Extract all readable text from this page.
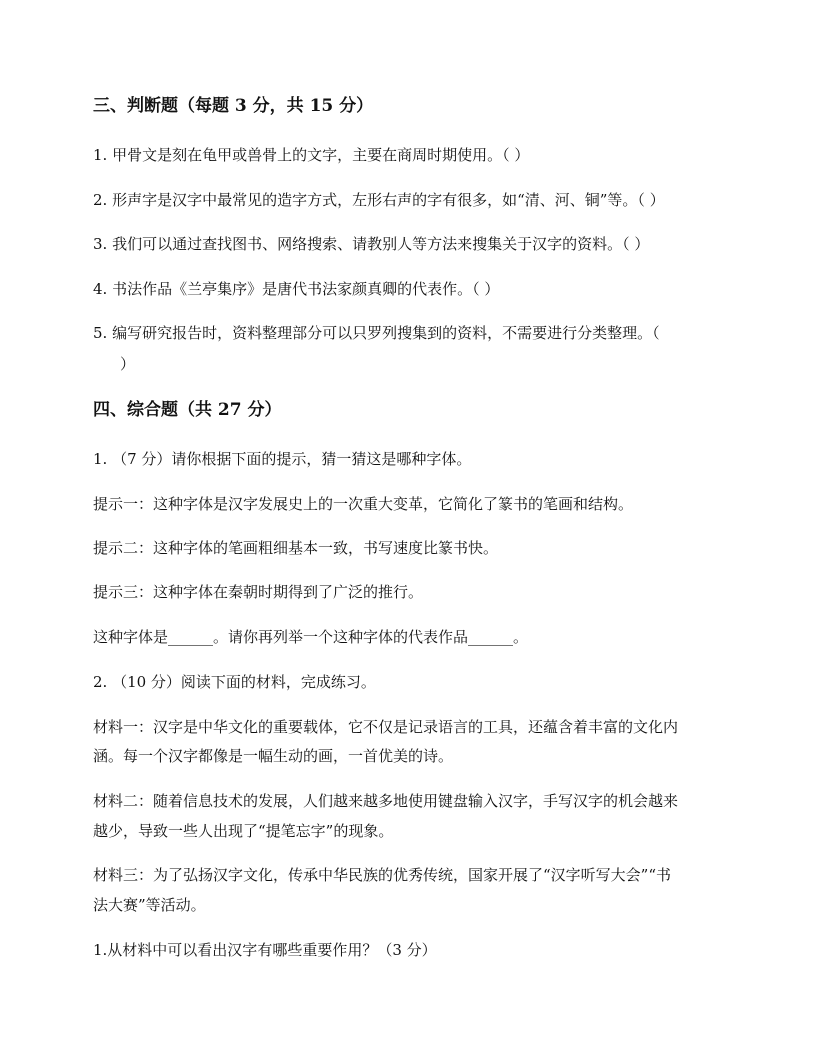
三、判断题（每题 3 分，共 15 分）
1. 甲骨文是刻在龟甲或兽骨上的文字，主要在商周时期使用。（ ）
2. 形声字是汉字中最常见的造字方式，左形右声的字有很多，如“清、河、铜”等。（ ）
3. 我们可以通过查找图书、网络搜索、请教别人等方法来搜集关于汉字的资料。（ ）
4. 书法作品《兰亭集序》是唐代书法家颜真卿的代表作。（ ）
5. 编写研究报告时，资料整理部分可以只罗列搜集到的资料，不需要进行分类整理。（
）
四、综合题（共 27 分）
1. （7 分）请你根据下面的提示，猜一猜这是哪种字体。
提示一：这种字体是汉字发展史上的一次重大变革，它简化了篆书的笔画和结构。
提示二：这种字体的笔画粗细基本一致，书写速度比篆书快。
提示三：这种字体在秦朝时期得到了广泛的推行。
这种字体是______。请你再列举一个这种字体的代表作品______。
2. （10 分）阅读下面的材料，完成练习。
材料一：汉字是中华文化的重要载体，它不仅是记录语言的工具，还蕴含着丰富的文化内
涵。每一个汉字都像是一幅生动的画，一首优美的诗。
材料二：随着信息技术的发展，人们越来越多地使用键盘输入汉字，手写汉字的机会越来
越少，导致一些人出现了“提笔忘字”的现象。
材料三：为了弘扬汉字文化，传承中华民族的优秀传统，国家开展了“汉字听写大会”“书
法大赛”等活动。
1.从材料中可以看出汉字有哪些重要作用？（3 分）
